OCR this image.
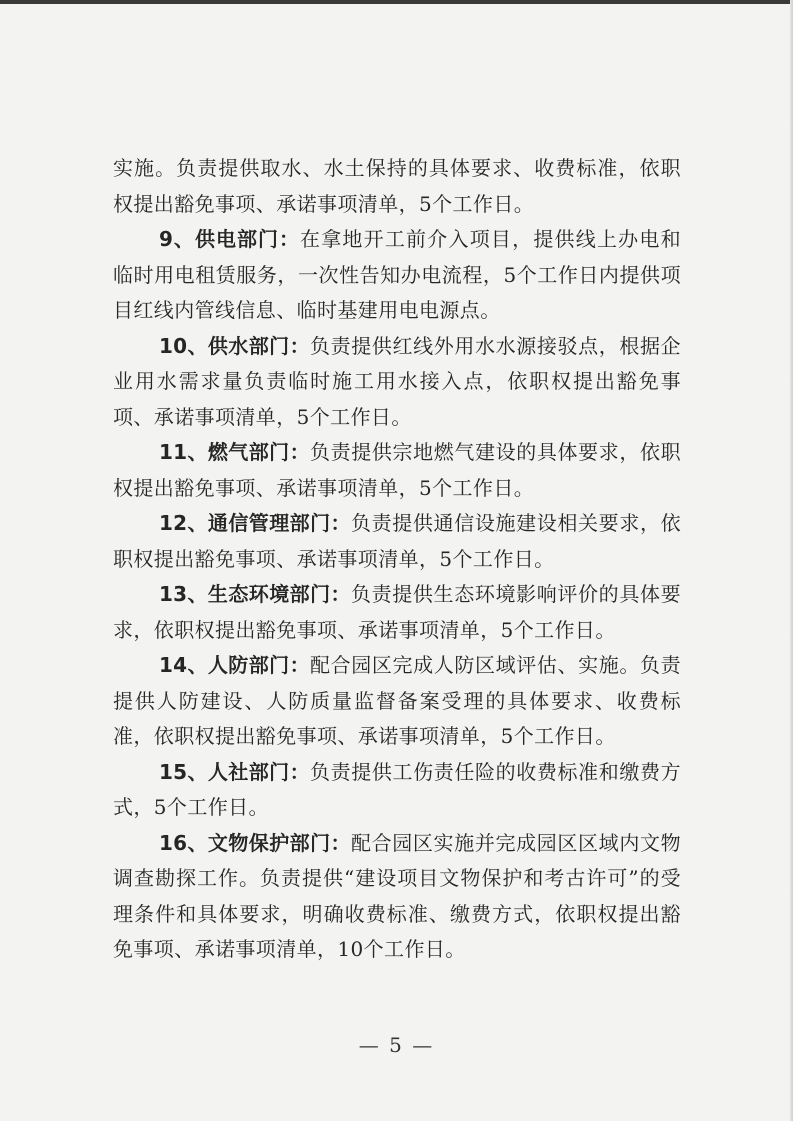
实施。负责提供取水、水土保持的具体要求、收费标准，依职权提出豁免事项、承诺事项清单，5个工作日。

9、供电部门：在拿地开工前介入项目，提供线上办电和临时用电租赁服务，一次性告知办电流程，5个工作日内提供项目红线内管线信息、临时基建用电电源点。

10、供水部门：负责提供红线外用水水源接驳点，根据企业用水需求量负责临时施工用水接入点，依职权提出豁免事项、承诺事项清单，5个工作日。

11、燃气部门：负责提供宗地燃气建设的具体要求，依职权提出豁免事项、承诺事项清单，5个工作日。

12、通信管理部门：负责提供通信设施建设相关要求，依职权提出豁免事项、承诺事项清单，5个工作日。

13、生态环境部门：负责提供生态环境影响评价的具体要求，依职权提出豁免事项、承诺事项清单，5个工作日。

14、人防部门：配合园区完成人防区域评估、实施。负责提供人防建设、人防质量监督备案受理的具体要求、收费标准，依职权提出豁免事项、承诺事项清单，5个工作日。

15、人社部门：负责提供工伤责任险的收费标准和缴费方式，5个工作日。

16、文物保护部门：配合园区实施并完成园区区域内文物调查勘探工作。负责提供“建设项目文物保护和考古许可”的受理条件和具体要求，明确收费标准、缴费方式，依职权提出豁免事项、承诺事项清单，10个工作日。

— 5 —
